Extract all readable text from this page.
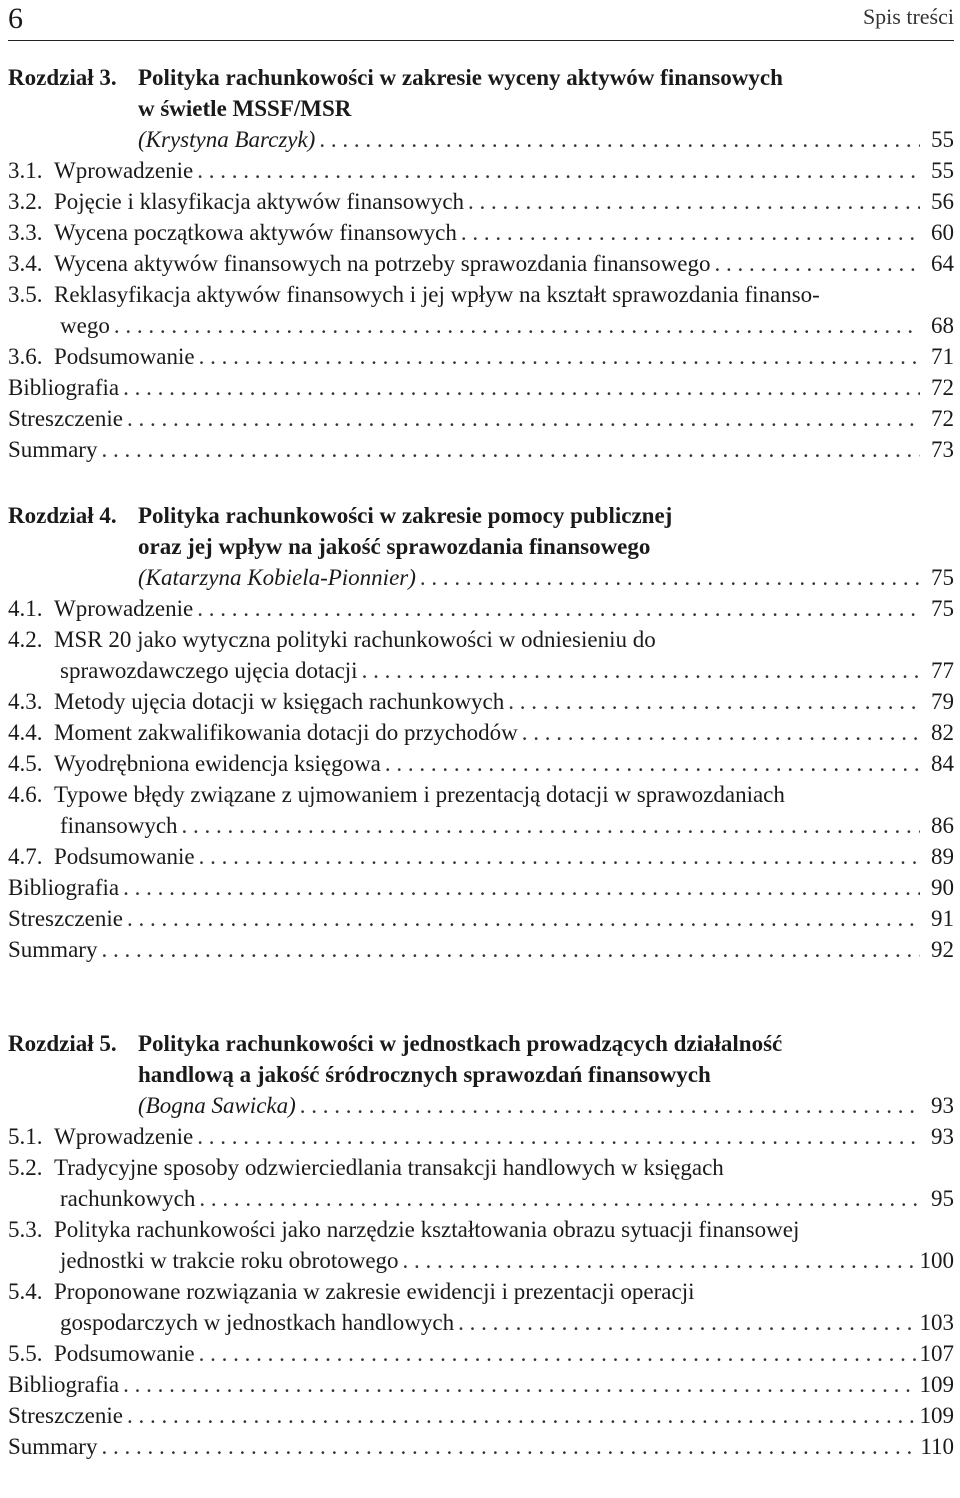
6	Spis treści
Rozdział 3. Polityka rachunkowości w zakresie wyceny aktywów finansowych
w świetle MSSF/MSR
(Krystyna Barczyk) . . .	55
3.1. Wprowadzenie . . .	55
3.2. Pojęcie i klasyfikacja aktywów finansowych . . .	56
3.3. Wycena początkowa aktywów finansowych . . .	60
3.4. Wycena aktywów finansowych na potrzeby sprawozdania finansowego . . .	64
3.5. Reklasyfikacja aktywów finansowych i jej wpływ na kształt sprawozdania finanso-
wego . . .	68
3.6. Podsumowanie . . .	71
Bibliografia . . .	72
Streszczenie . . .	72
Summary . . .	73
Rozdział 4. Polityka rachunkowości w zakresie pomocy publicznej
oraz jej wpływ na jakość sprawozdania finansowego
(Katarzyna Kobiela-Pionnier) . . .	75
4.1. Wprowadzenie . . .	75
4.2. MSR 20 jako wytyczna polityki rachunkowości w odniesieniu do
sprawozdawczego ujęcia dotacji . . .	77
4.3. Metody ujęcia dotacji w księgach rachunkowych . . .	79
4.4. Moment zakwalifikowania dotacji do przychodów . . .	82
4.5. Wyodrębniona ewidencja księgowa . . .	84
4.6. Typowe błędy związane z ujmowaniem i prezentacją dotacji w sprawozdaniach
finansowych . . .	86
4.7. Podsumowanie . . .	89
Bibliografia . . .	90
Streszczenie . . .	91
Summary . . .	92
Rozdział 5. Polityka rachunkowości w jednostkach prowadzących działalność
handlową a jakość śródrocznych sprawozdań finansowych
(Bogna Sawicka) . . .	93
5.1. Wprowadzenie . . .	93
5.2. Tradycyjne sposoby odzwierciedlania transakcji handlowych w księgach
rachunkowych . . .	95
5.3. Polityka rachunkowości jako narzędzie kształtowania obrazu sytuacji finansowej
jednostki w trakcie roku obrotowego . . .	100
5.4. Proponowane rozwiązania w zakresie ewidencji i prezentacji operacji
gospodarczych w jednostkach handlowych . . .	103
5.5. Podsumowanie . . .	107
Bibliografia . . .	109
Streszczenie . . .	109
Summary . . .	110
